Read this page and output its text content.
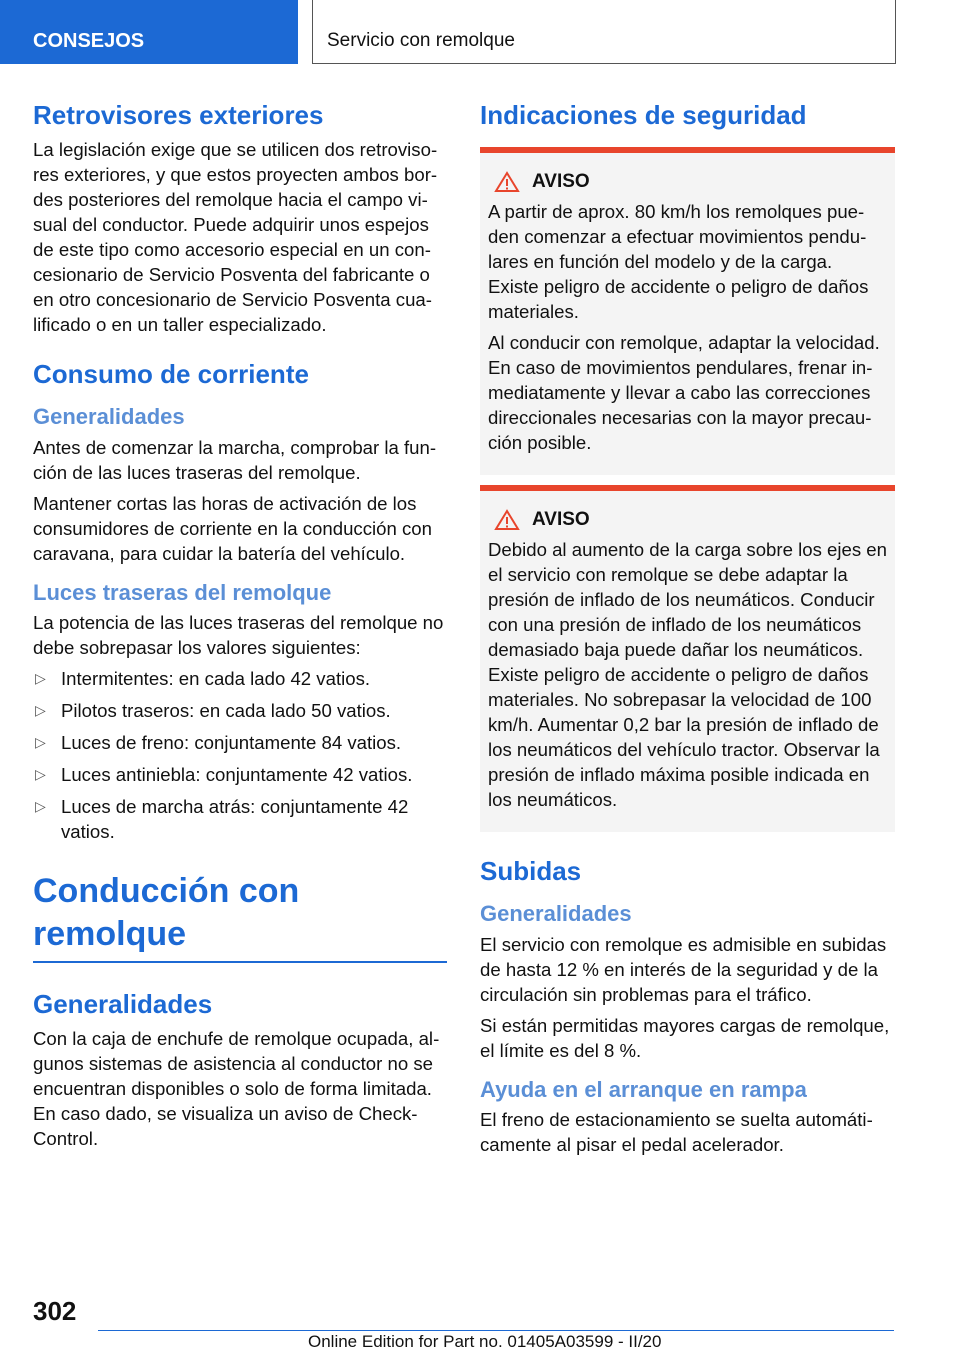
CONSEJOS	Servicio con remolque
Retrovisores exteriores

La legislación exige que se utilicen dos retrovisores exteriores, y que estos proyecten ambos bordes posteriores del remolque hacia el campo visual del conductor. Puede adquirir unos espejos de este tipo como accesorio especial en un concesionario de Servicio Posventa del fabricante o en otro concesionario de Servicio Posventa cualificado o en un taller especializado.

Consumo de corriente
Generalidades

Antes de comenzar la marcha, comprobar la función de las luces traseras del remolque.

Mantener cortas las horas de activación de los consumidores de corriente en la conducción con caravana, para cuidar la batería del vehículo.

Luces traseras del remolque

La potencia de las luces traseras del remolque no debe sobrepasar los valores siguientes:

▷ Intermitentes: en cada lado 42 vatios.
▷ Pilotos traseros: en cada lado 50 vatios.
▷ Luces de freno: conjuntamente 84 vatios.
▷ Luces antiniebla: conjuntamente 42 vatios.
▷ Luces de marcha atrás: conjuntamente 42 vatios.
Conducción con remolque
Generalidades

Con la caja de enchufe de remolque ocupada, algunos sistemas de asistencia al conductor no se encuentran disponibles o solo de forma limitada. En caso dado, se visualiza un aviso de Check-Control.

Indicaciones de seguridad
AVISO

A partir de aprox. 80 km/h los remolques pueden comenzar a efectuar movimientos pendulares en función del modelo y de la carga. Existe peligro de accidente o peligro de daños materiales.

Al conducir con remolque, adaptar la velocidad. En caso de movimientos pendulares, frenar inmediatamente y llevar a cabo las correcciones direccionales necesarias con la mayor precaución posible.

AVISO

Debido al aumento de la carga sobre los ejes en el servicio con remolque se debe adaptar la presión de inflado de los neumáticos. Conducir con una presión de inflado de los neumáticos demasiado baja puede dañar los neumáticos. Existe peligro de accidente o peligro de daños materiales. No sobrepasar la velocidad de 100 km/h. Aumentar 0,2 bar la presión de inflado de los neumáticos del vehículo tractor. Observar la presión de inflado máxima posible indicada en los neumáticos.

Subidas
Generalidades

El servicio con remolque es admisible en subidas de hasta 12 % en interés de la seguridad y de la circulación sin problemas para el tráfico.

Si están permitidas mayores cargas de remolque, el límite es del 8 %.

Ayuda en el arranque en rampa

El freno de estacionamiento se suelta automáticamente al pisar el pedal acelerador.

302
Online Edition for Part no. 01405A03599 - II/20
